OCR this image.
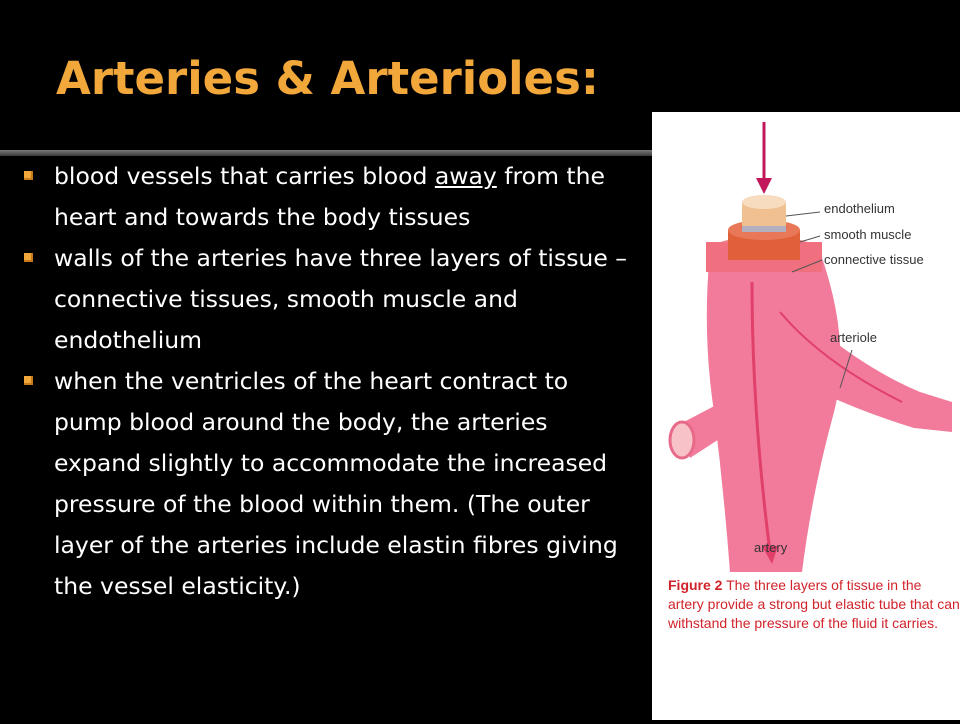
Arteries & Arterioles:
blood vessels that carries blood away from the heart and towards the body tissues
walls of the arteries have three layers of tissue – connective tissues, smooth muscle and endothelium
when the ventricles of the heart contract to pump blood around the body, the arteries expand slightly to accommodate the increased pressure of the blood within them. (The outer layer of the arteries include elastin fibres giving the vessel elasticity.)
endothelium
smooth muscle
connective tissue
arteriole
artery
Figure 2 The three layers of tissue in the artery provide a strong but elastic tube that can withstand the pressure of the fluid it carries.
